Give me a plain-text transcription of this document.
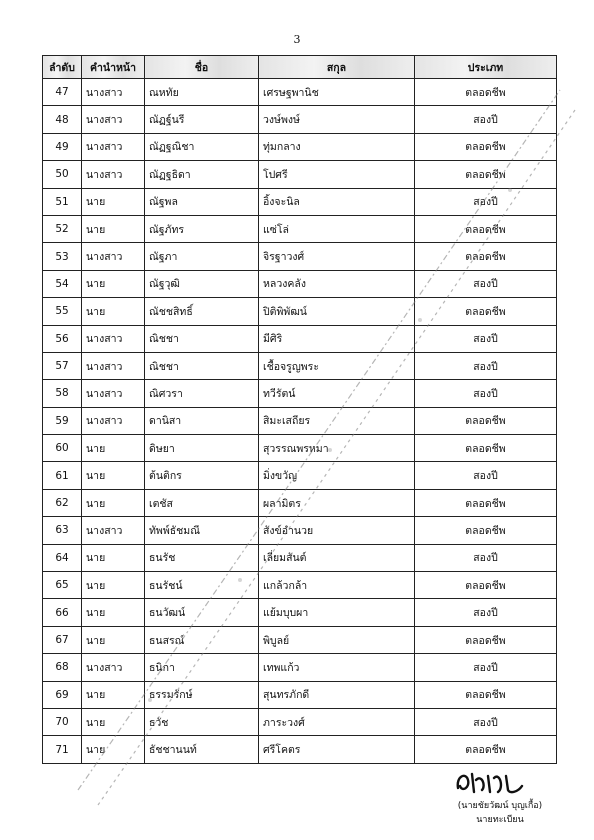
3
ลำดับ	คำนำหน้า	ชื่อ	สกุล	ประเภท
47	นางสาว	ณหทัย	เศรษฐพานิช	ตลอดชีพ
48	นางสาว	ณัฏฐ์นรี	วงษ์พงษ์	สองปี
49	นางสาว	ณัฏฐณิชา	ทุ่มกลาง	ตลอดชีพ
50	นางสาว	ณัฏฐธิดา	โปศรี	ตลอดชีพ
51	นาย	ณัฐพล	อิ้งจะนิล	สองปี
52	นาย	ณัฐภัทร	แซ่โล่	ตลอดชีพ
53	นางสาว	ณัฐภา	จิรฐาวงศ์	ตลอดชีพ
54	นาย	ณัฐวุฒิ	หลวงคลัง	สองปี
55	นาย	ณัชชสิทธิ์	ปิติพิพัฒน์	ตลอดชีพ
56	นางสาว	ณิชชา	มีศิริ	สองปี
57	นางสาว	ณิชชา	เชื้อจรูญพระ	สองปี
58	นางสาว	ณิศวรา	ทวีรัตน์	สองปี
59	นางสาว	ดานิสา	สิมะเสถียร	ตลอดชีพ
60	นาย	ดิษยา	สุวรรณพรหมา	ตลอดชีพ
61	นาย	ต้นติกร	มิ่งขวัญ	สองปี
62	นาย	เตชัส	ผลามิตร	ตลอดชีพ
63	นางสาว	ทัพพ์ธัชมณี	สังข์อำนวย	ตลอดชีพ
64	นาย	ธนรัช	เลี่ยมสันต์	สองปี
65	นาย	ธนรัชน์	แกล้วกล้า	ตลอดชีพ
66	นาย	ธนวัฒน์	แย้มบุบผา	สองปี
67	นาย	ธนสรณ์	พิบูลย์	ตลอดชีพ
68	นางสาว	ธนิกา	เทพแก้ว	สองปี
69	นาย	ธรรมรักษ์	สุนทรภักดี	ตลอดชีพ
70	นาย	ธวัช	ภาระวงศ์	สองปี
71	นาย	ธัชชานนท์	ศรีโคตร	ตลอดชีพ
(นายชัยวัฒน์ บุญเกื้อ)
นายทะเบียน
